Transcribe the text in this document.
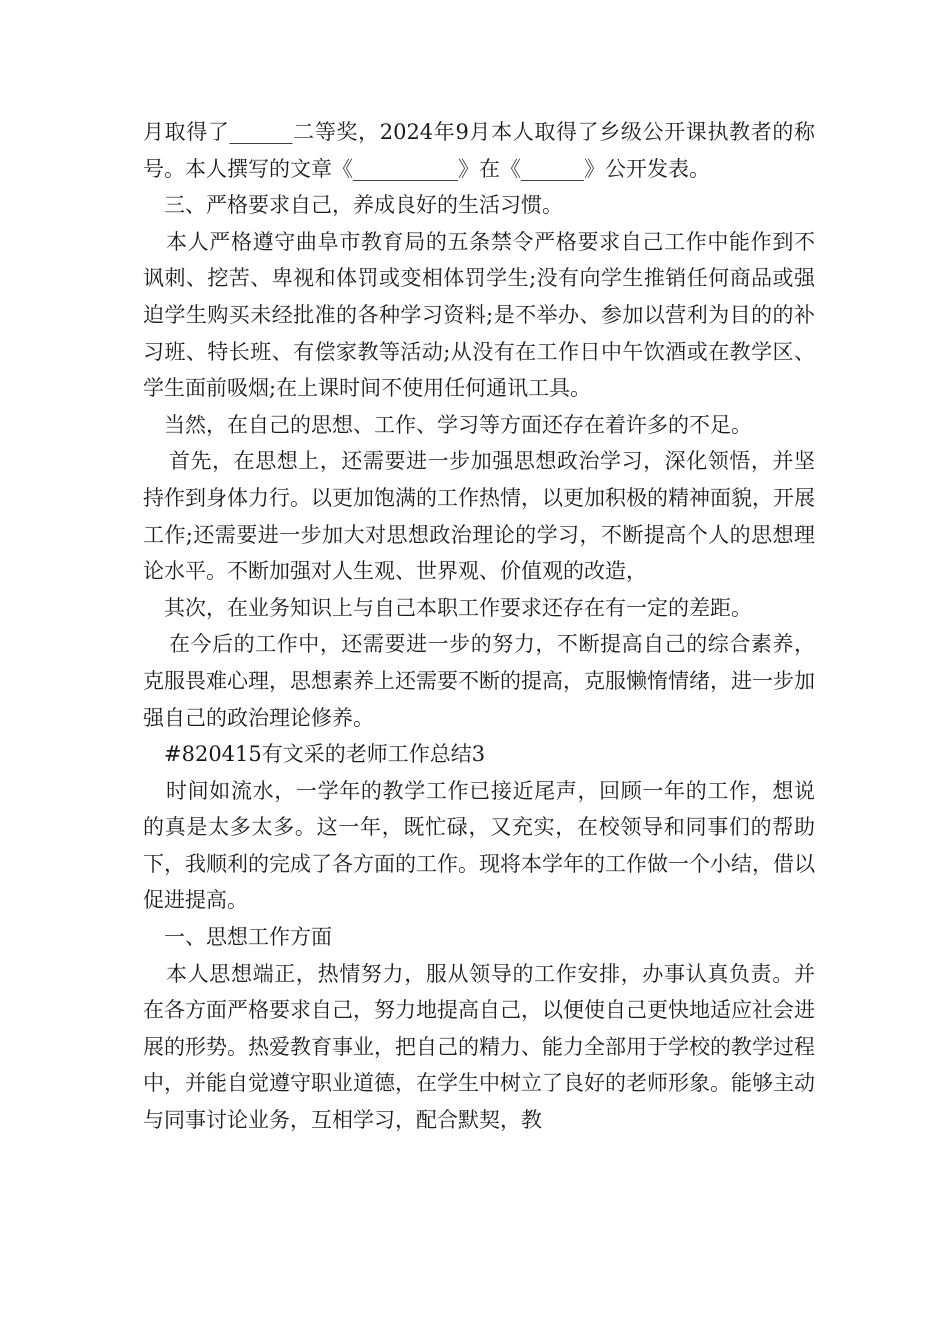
月取得了______二等奖，2024年9月本人取得了乡级公开课执教者的称号。本人撰写的文章《__________》在《______》公开发表。

三、严格要求自己，养成良好的生活习惯。

本人严格遵守曲阜市教育局的五条禁令严格要求自己工作中能作到不讽刺、挖苦、卑视和体罚或变相体罚学生;没有向学生推销任何商品或强迫学生购买未经批准的各种学习资料;是不举办、参加以营利为目的的补习班、特长班、有偿家教等活动;从没有在工作日中午饮酒或在教学区、学生面前吸烟;在上课时间不使用任何通讯工具。

当然，在自己的思想、工作、学习等方面还存在着许多的不足。

首先，在思想上，还需要进一步加强思想政治学习，深化领悟，并坚持作到身体力行。以更加饱满的工作热情，以更加积极的精神面貌，开展工作;还需要进一步加大对思想政治理论的学习，不断提高个人的思想理论水平。不断加强对人生观、世界观、价值观的改造，

其次，在业务知识上与自己本职工作要求还存在有一定的差距。

在今后的工作中，还需要进一步的努力，不断提高自己的综合素养，克服畏难心理，思想素养上还需要不断的提高，克服懒惰情绪，进一步加强自己的政治理论修养。

#820415有文采的老师工作总结3

时间如流水，一学年的教学工作已接近尾声，回顾一年的工作，想说的真是太多太多。这一年，既忙碌，又充实，在校领导和同事们的帮助下，我顺利的完成了各方面的工作。现将本学年的工作做一个小结，借以促进提高。

一、思想工作方面

本人思想端正，热情努力，服从领导的工作安排，办事认真负责。并在各方面严格要求自己，努力地提高自己，以便使自己更快地适应社会进展的形势。热爱教育事业，把自己的精力、能力全部用于学校的教学过程中，并能自觉遵守职业道德，在学生中树立了良好的老师形象。能够主动与同事讨论业务，互相学习，配合默契，教
